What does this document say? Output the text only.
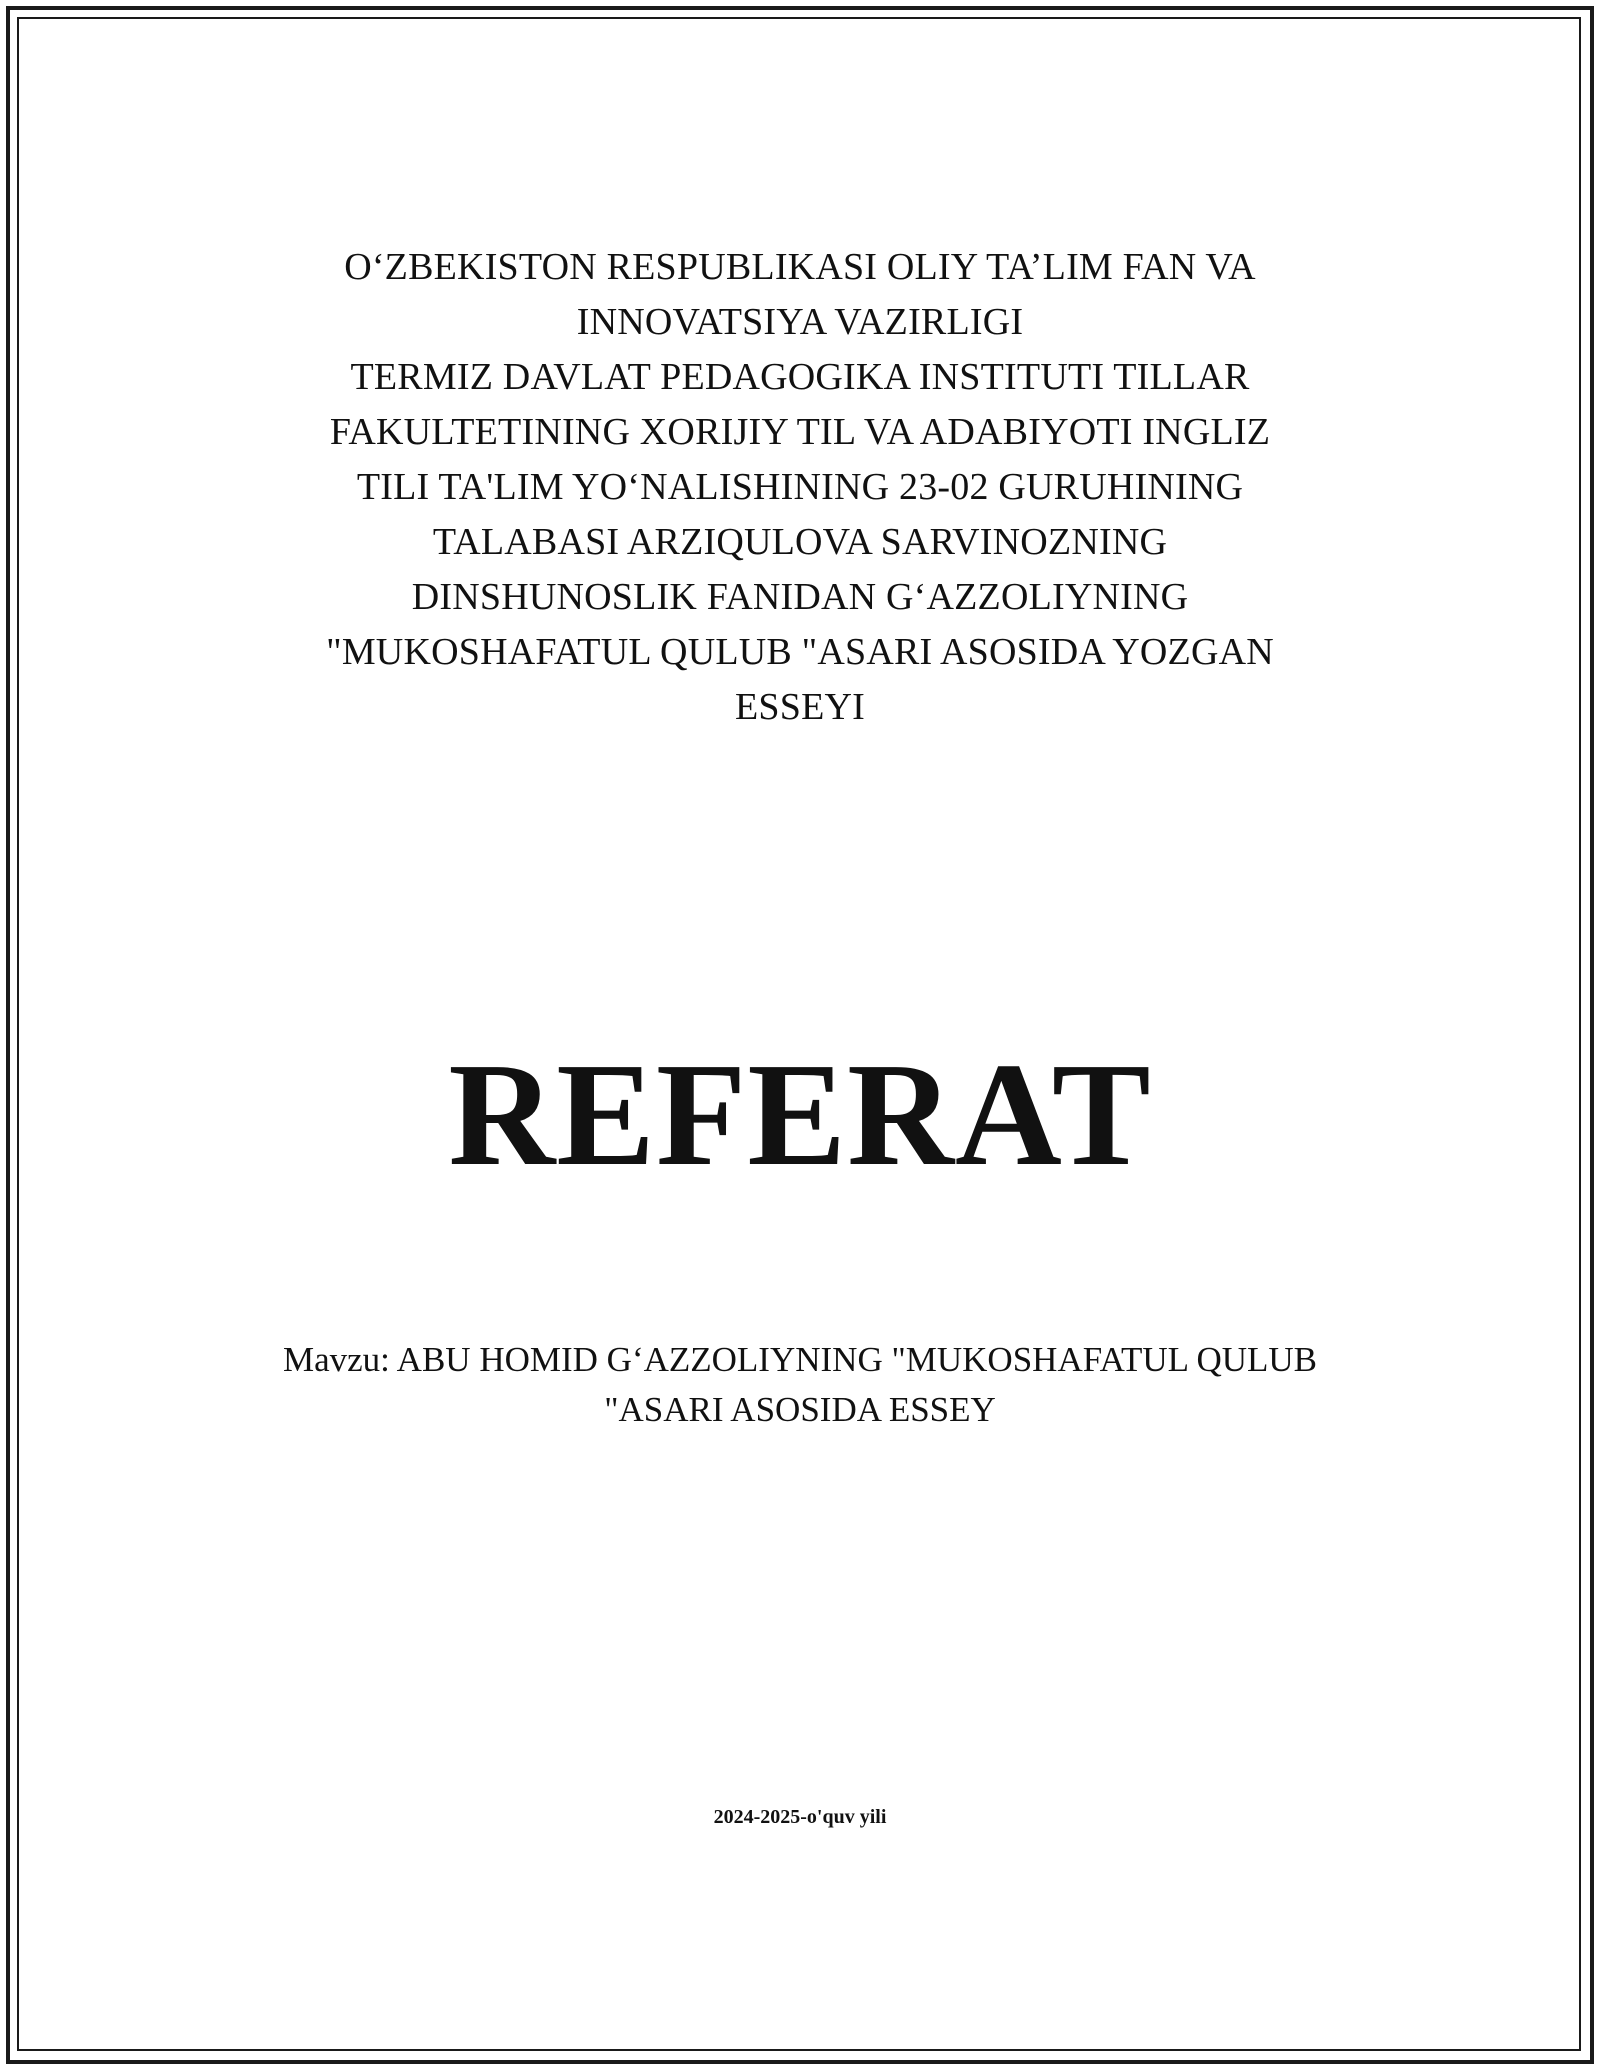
O‘ZBEKISTON RESPUBLIKASI OLIY TA’LIM FAN VA
INNOVATSIYA VAZIRLIGI
TERMIZ DAVLAT PEDAGOGIKA INSTITUTI TILLAR
FAKULTETINING XORIJIY TIL VA ADABIYOTI INGLIZ
TILI TA'LIM YO‘NALISHINING 23-02 GURUHINING
TALABASI ARZIQULOVA SARVINOZNING
DINSHUNOSLIK FANIDAN G‘AZZOLIYNING
"MUKOSHAFATUL QULUB "ASARI ASOSIDA YOZGAN
ESSEYI
REFERAT
Mavzu: ABU HOMID G‘AZZOLIYNING "MUKOSHAFATUL QULUB
"ASARI ASOSIDA ESSEY
2024-2025-o'quv yili
